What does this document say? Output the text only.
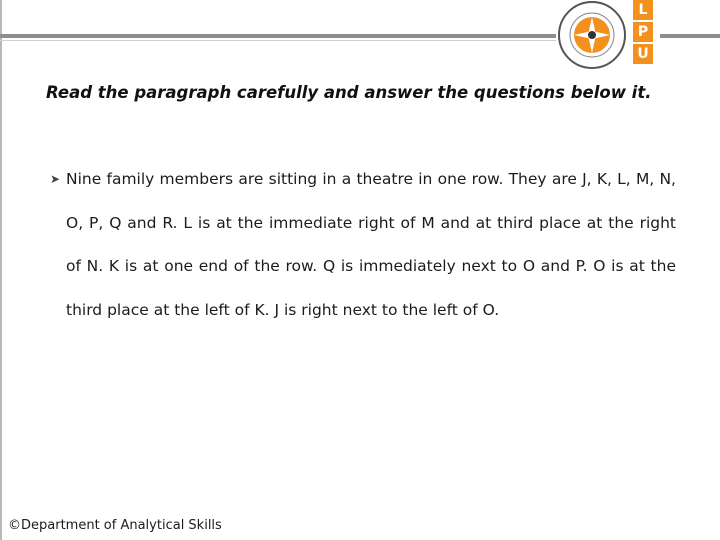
L
P
U

Read the paragraph carefully and answer the questions below it.

➤ Nine family members are sitting in a theatre in one row. They are J, K, L, M, N, O, P, Q and R. L is at the immediate right of M and at third place at the right of N. K is at one end of the row. Q is immediately next to O and P. O is at the third place at the left of K. J is right next to the left of O.

©Department of Analytical Skills
